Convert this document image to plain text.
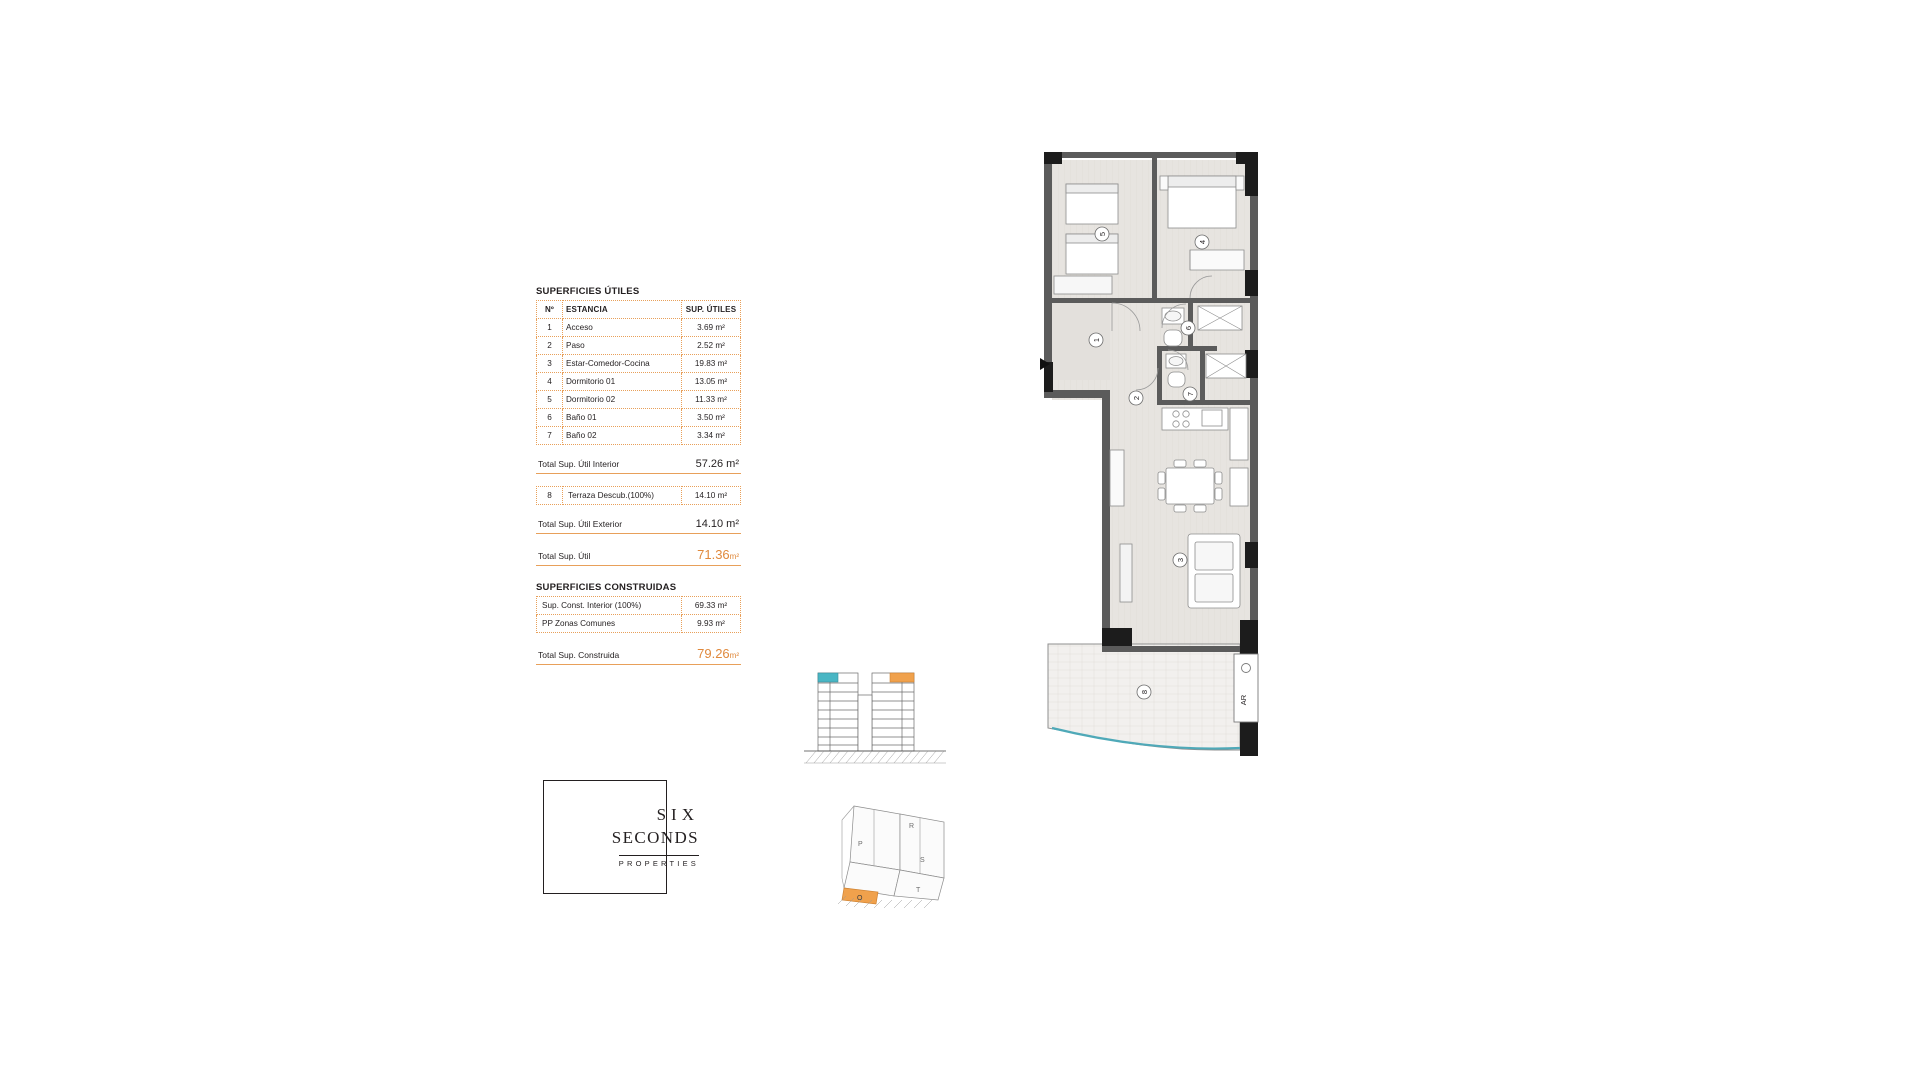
SUPERFICIES ÚTILES
Nº	ESTANCIA	SUP. ÚTILES
1	Acceso	3.69 m²
2	Paso	2.52 m²
3	Estar-Comedor-Cocina	19.83 m²
4	Dormitorio 01	13.05 m²
5	Dormitorio 02	11.33 m²
6	Baño 01	3.50 m²
7	Baño 02	3.34 m²
Total Sup. Útil Interior	57.26 m²
8	Terraza Descub.(100%)	14.10 m²
Total Sup. Útil Exterior	14.10 m²
Total Sup. Útil	71.36m²
SUPERFICIES CONSTRUIDAS
Sup. Const. Interior (100%)	69.33 m²
PP Zonas Comunes	9.93 m²
Total Sup. Construida	79.26m²
SIX
SECONDS
PROPERTIES
P
R
S
T
O
5
4
1
6
2
7
3
8
AR
